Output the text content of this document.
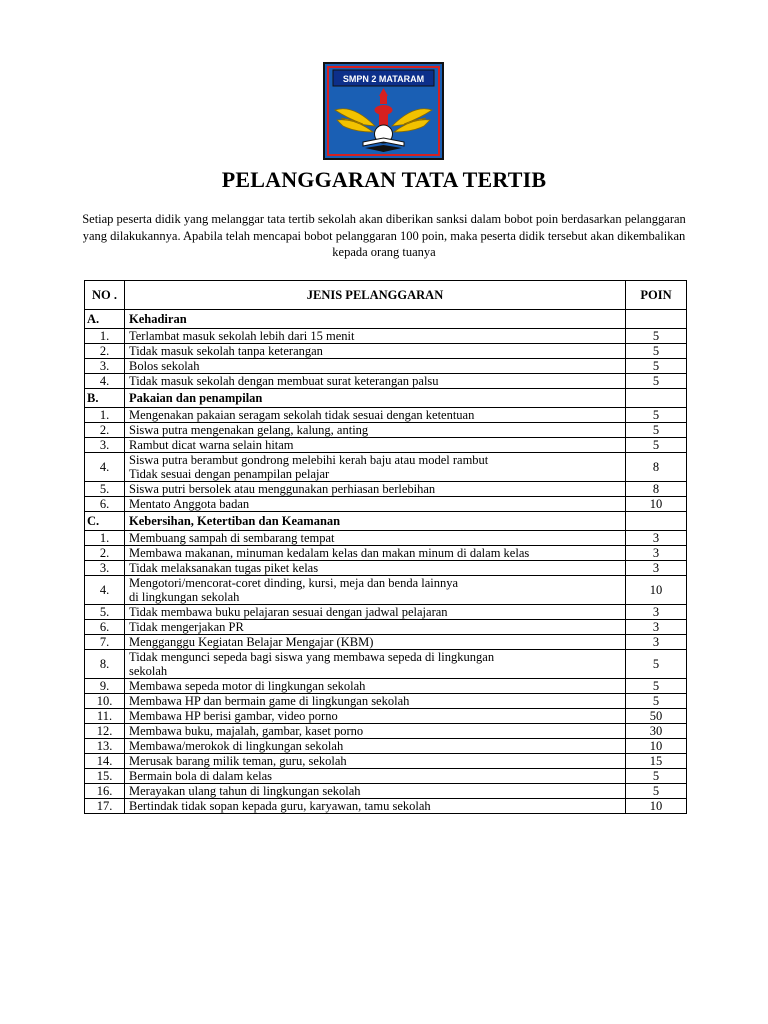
SMPN 2 MATARAM
PELANGGARAN TATA TERTIB
Setiap peserta didik yang melanggar tata tertib sekolah akan diberikan sanksi dalam bobot poin berdasarkan pelanggaran yang dilakukannya. Apabila telah mencapai bobot pelanggaran 100 poin, maka peserta didik tersebut akan dikembalikan kepada orang tuanya
NO .	JENIS PELANGGARAN	POIN
A.	Kehadiran	
1.	Terlambat masuk sekolah lebih dari 15 menit	5
2.	Tidak masuk sekolah tanpa keterangan	5
3.	Bolos sekolah	5
4.	Tidak masuk sekolah dengan membuat surat keterangan palsu	5
B.	Pakaian dan penampilan	
1.	Mengenakan pakaian seragam sekolah tidak sesuai dengan ketentuan	5
2.	Siswa putra mengenakan gelang, kalung, anting	5
3.	Rambut dicat warna selain hitam	5
4.	Siswa putra berambut gondrong melebihi kerah baju atau model rambut
Tidak sesuai dengan penampilan pelajar	8
5.	Siswa putri bersolek atau menggunakan perhiasan berlebihan	8
6.	Mentato Anggota badan	10
C.	Kebersihan, Ketertiban dan Keamanan	
1.	Membuang sampah di sembarang tempat	3
2.	Membawa makanan, minuman kedalam kelas dan makan minum di dalam kelas	3
3.	Tidak melaksanakan tugas piket kelas	3
4.	Mengotori/mencorat-coret dinding, kursi, meja dan benda lainnya
di lingkungan sekolah	10
5.	Tidak membawa buku pelajaran sesuai dengan jadwal pelajaran	3
6.	Tidak mengerjakan PR	3
7.	Mengganggu Kegiatan Belajar Mengajar (KBM)	3
8.	Tidak mengunci sepeda bagi siswa yang membawa sepeda di lingkungan
sekolah	5
9.	Membawa sepeda motor di lingkungan sekolah	5
10.	Membawa HP dan bermain game di lingkungan sekolah	5
11.	Membawa HP berisi gambar, video porno	50
12.	Membawa buku, majalah, gambar, kaset porno	30
13.	Membawa/merokok di lingkungan sekolah	10
14.	Merusak barang milik teman, guru, sekolah	15
15.	Bermain bola di dalam kelas	5
16.	Merayakan ulang tahun di lingkungan sekolah	5
17.	Bertindak tidak sopan kepada guru, karyawan, tamu sekolah	10
